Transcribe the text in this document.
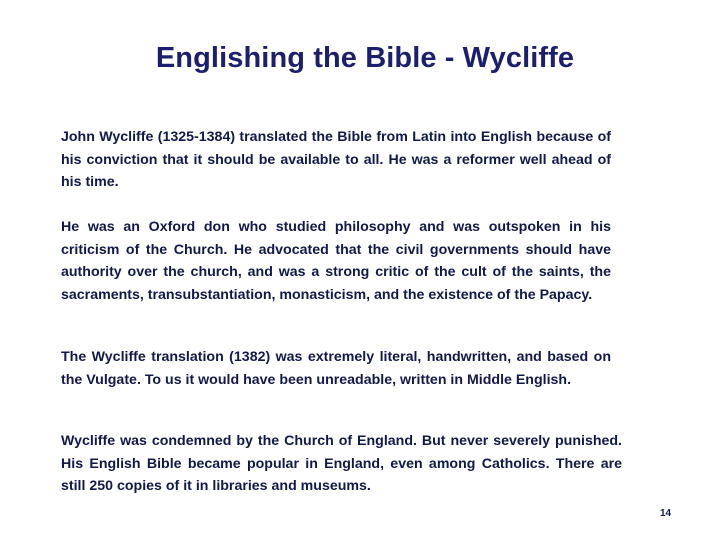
Englishing the Bible - Wycliffe
John Wycliffe (1325-1384) translated the Bible from Latin into English because of his conviction that it should be available to all. He was a reformer well ahead of his time.
He was an Oxford don who studied philosophy and was outspoken in his criticism of the Church. He advocated that the civil governments should have authority over the church, and was a strong critic of the cult of the saints, the sacraments, transubstantiation, monasticism, and the existence of the Papacy.
The Wycliffe translation (1382) was extremely literal, handwritten, and based on the Vulgate. To us it would have been unreadable, written in Middle English.
Wycliffe was condemned by the Church of England. But never severely punished. His English Bible became popular in England, even among Catholics. There are still 250 copies of it in libraries and museums.
14
